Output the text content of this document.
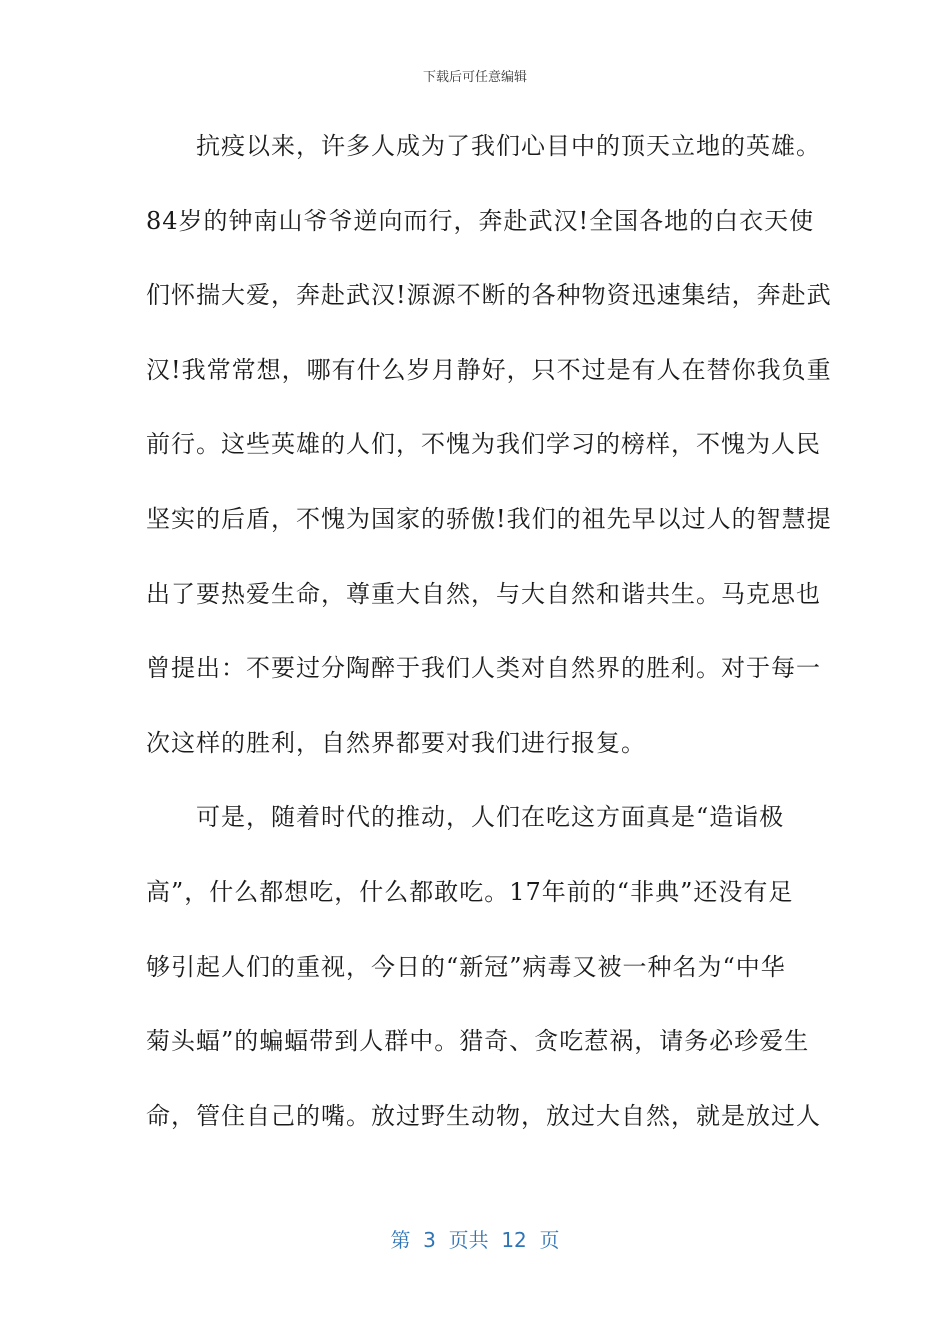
下载后可任意编辑
　　抗疫以来，许多人成为了我们心目中的顶天立地的英雄。
84岁的钟南山爷爷逆向而行，奔赴武汉!全国各地的白衣天使
们怀揣大爱，奔赴武汉!源源不断的各种物资迅速集结，奔赴武
汉!我常常想，哪有什么岁月静好，只不过是有人在替你我负重
前行。这些英雄的人们，不愧为我们学习的榜样，不愧为人民
坚实的后盾，不愧为国家的骄傲!我们的祖先早以过人的智慧提
出了要热爱生命，尊重大自然，与大自然和谐共生。马克思也
曾提出：不要过分陶醉于我们人类对自然界的胜利。对于每一
次这样的胜利，自然界都要对我们进行报复。
　　可是，随着时代的推动，人们在吃这方面真是“造诣极
高”，什么都想吃，什么都敢吃。17年前的“非典”还没有足
够引起人们的重视，今日的“新冠”病毒又被一种名为“中华
菊头蝠”的蝙蝠带到人群中。猎奇、贪吃惹祸，请务必珍爱生
命，管住自己的嘴。放过野生动物，放过大自然，就是放过人
第  3  页共  12  页
